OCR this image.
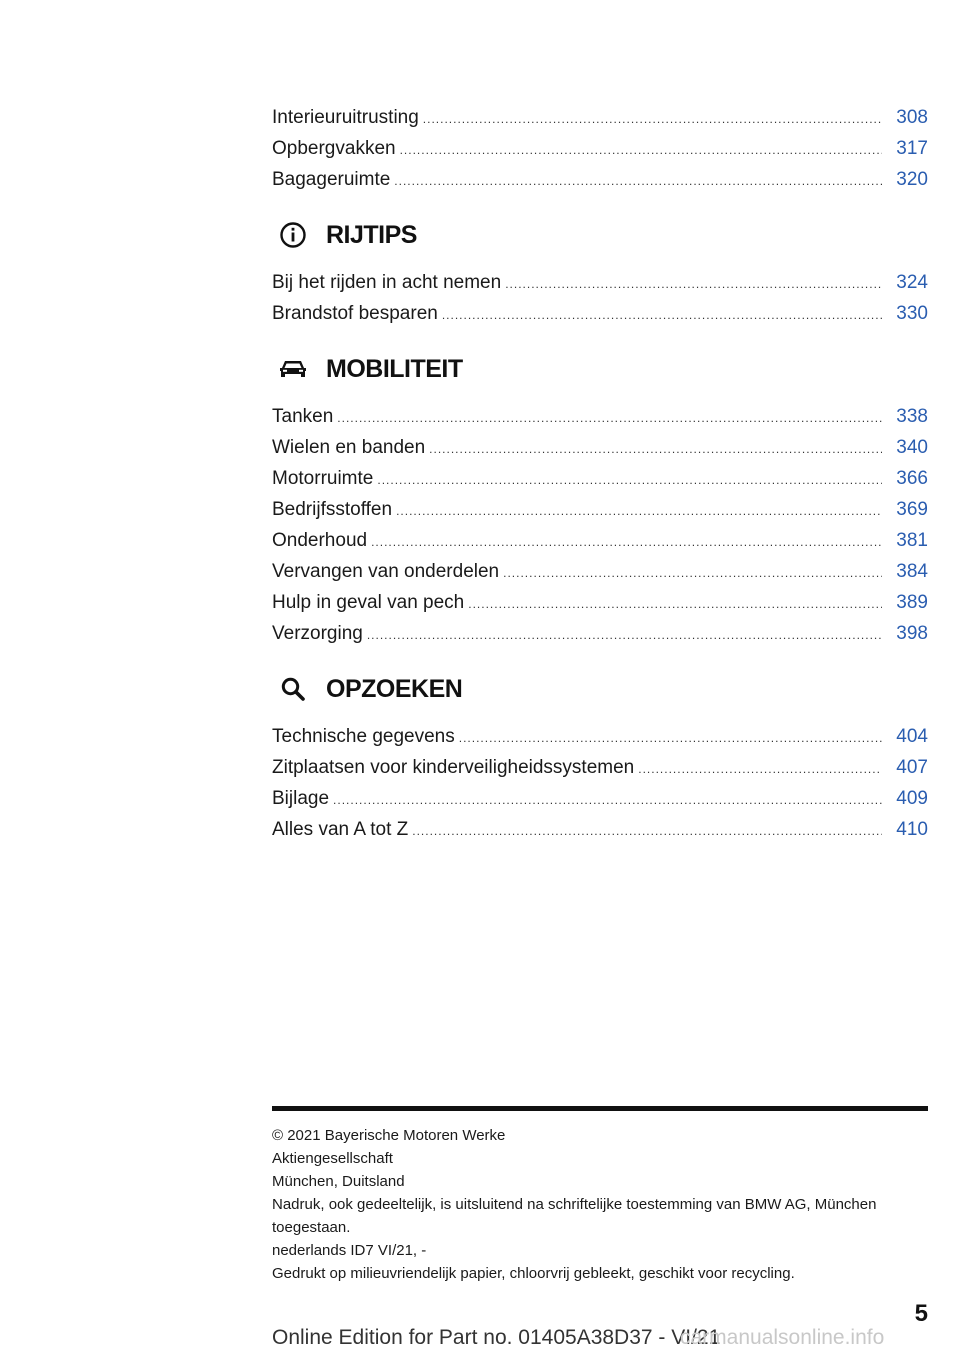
Interieuruitrusting .....	308
Opbergvakken .....	317
Bagageruimte .....	320
RIJTIPS
Bij het rijden in acht nemen .....	324
Brandstof besparen .....	330
MOBILITEIT
Tanken .....	338
Wielen en banden .....	340
Motorruimte .....	366
Bedrijfsstoffen .....	369
Onderhoud .....	381
Vervangen van onderdelen .....	384
Hulp in geval van pech .....	389
Verzorging .....	398
OPZOEKEN
Technische gegevens .....	404
Zitplaatsen voor kinderveiligheidssystemen .....	407
Bijlage .....	409
Alles van A tot Z .....	410
© 2021 Bayerische Motoren Werke
Aktiengesellschaft
München, Duitsland
Nadruk, ook gedeeltelijk, is uitsluitend na schriftelijke toestemming van BMW AG, München toegestaan.
nederlands ID7 VI/21, -
Gedrukt op milieuvriendelijk papier, chloorvrij gebleekt, geschikt voor recycling.
5
Online Edition for Part no. 01405A38D37 - VI/21
carmanualsonline.info
